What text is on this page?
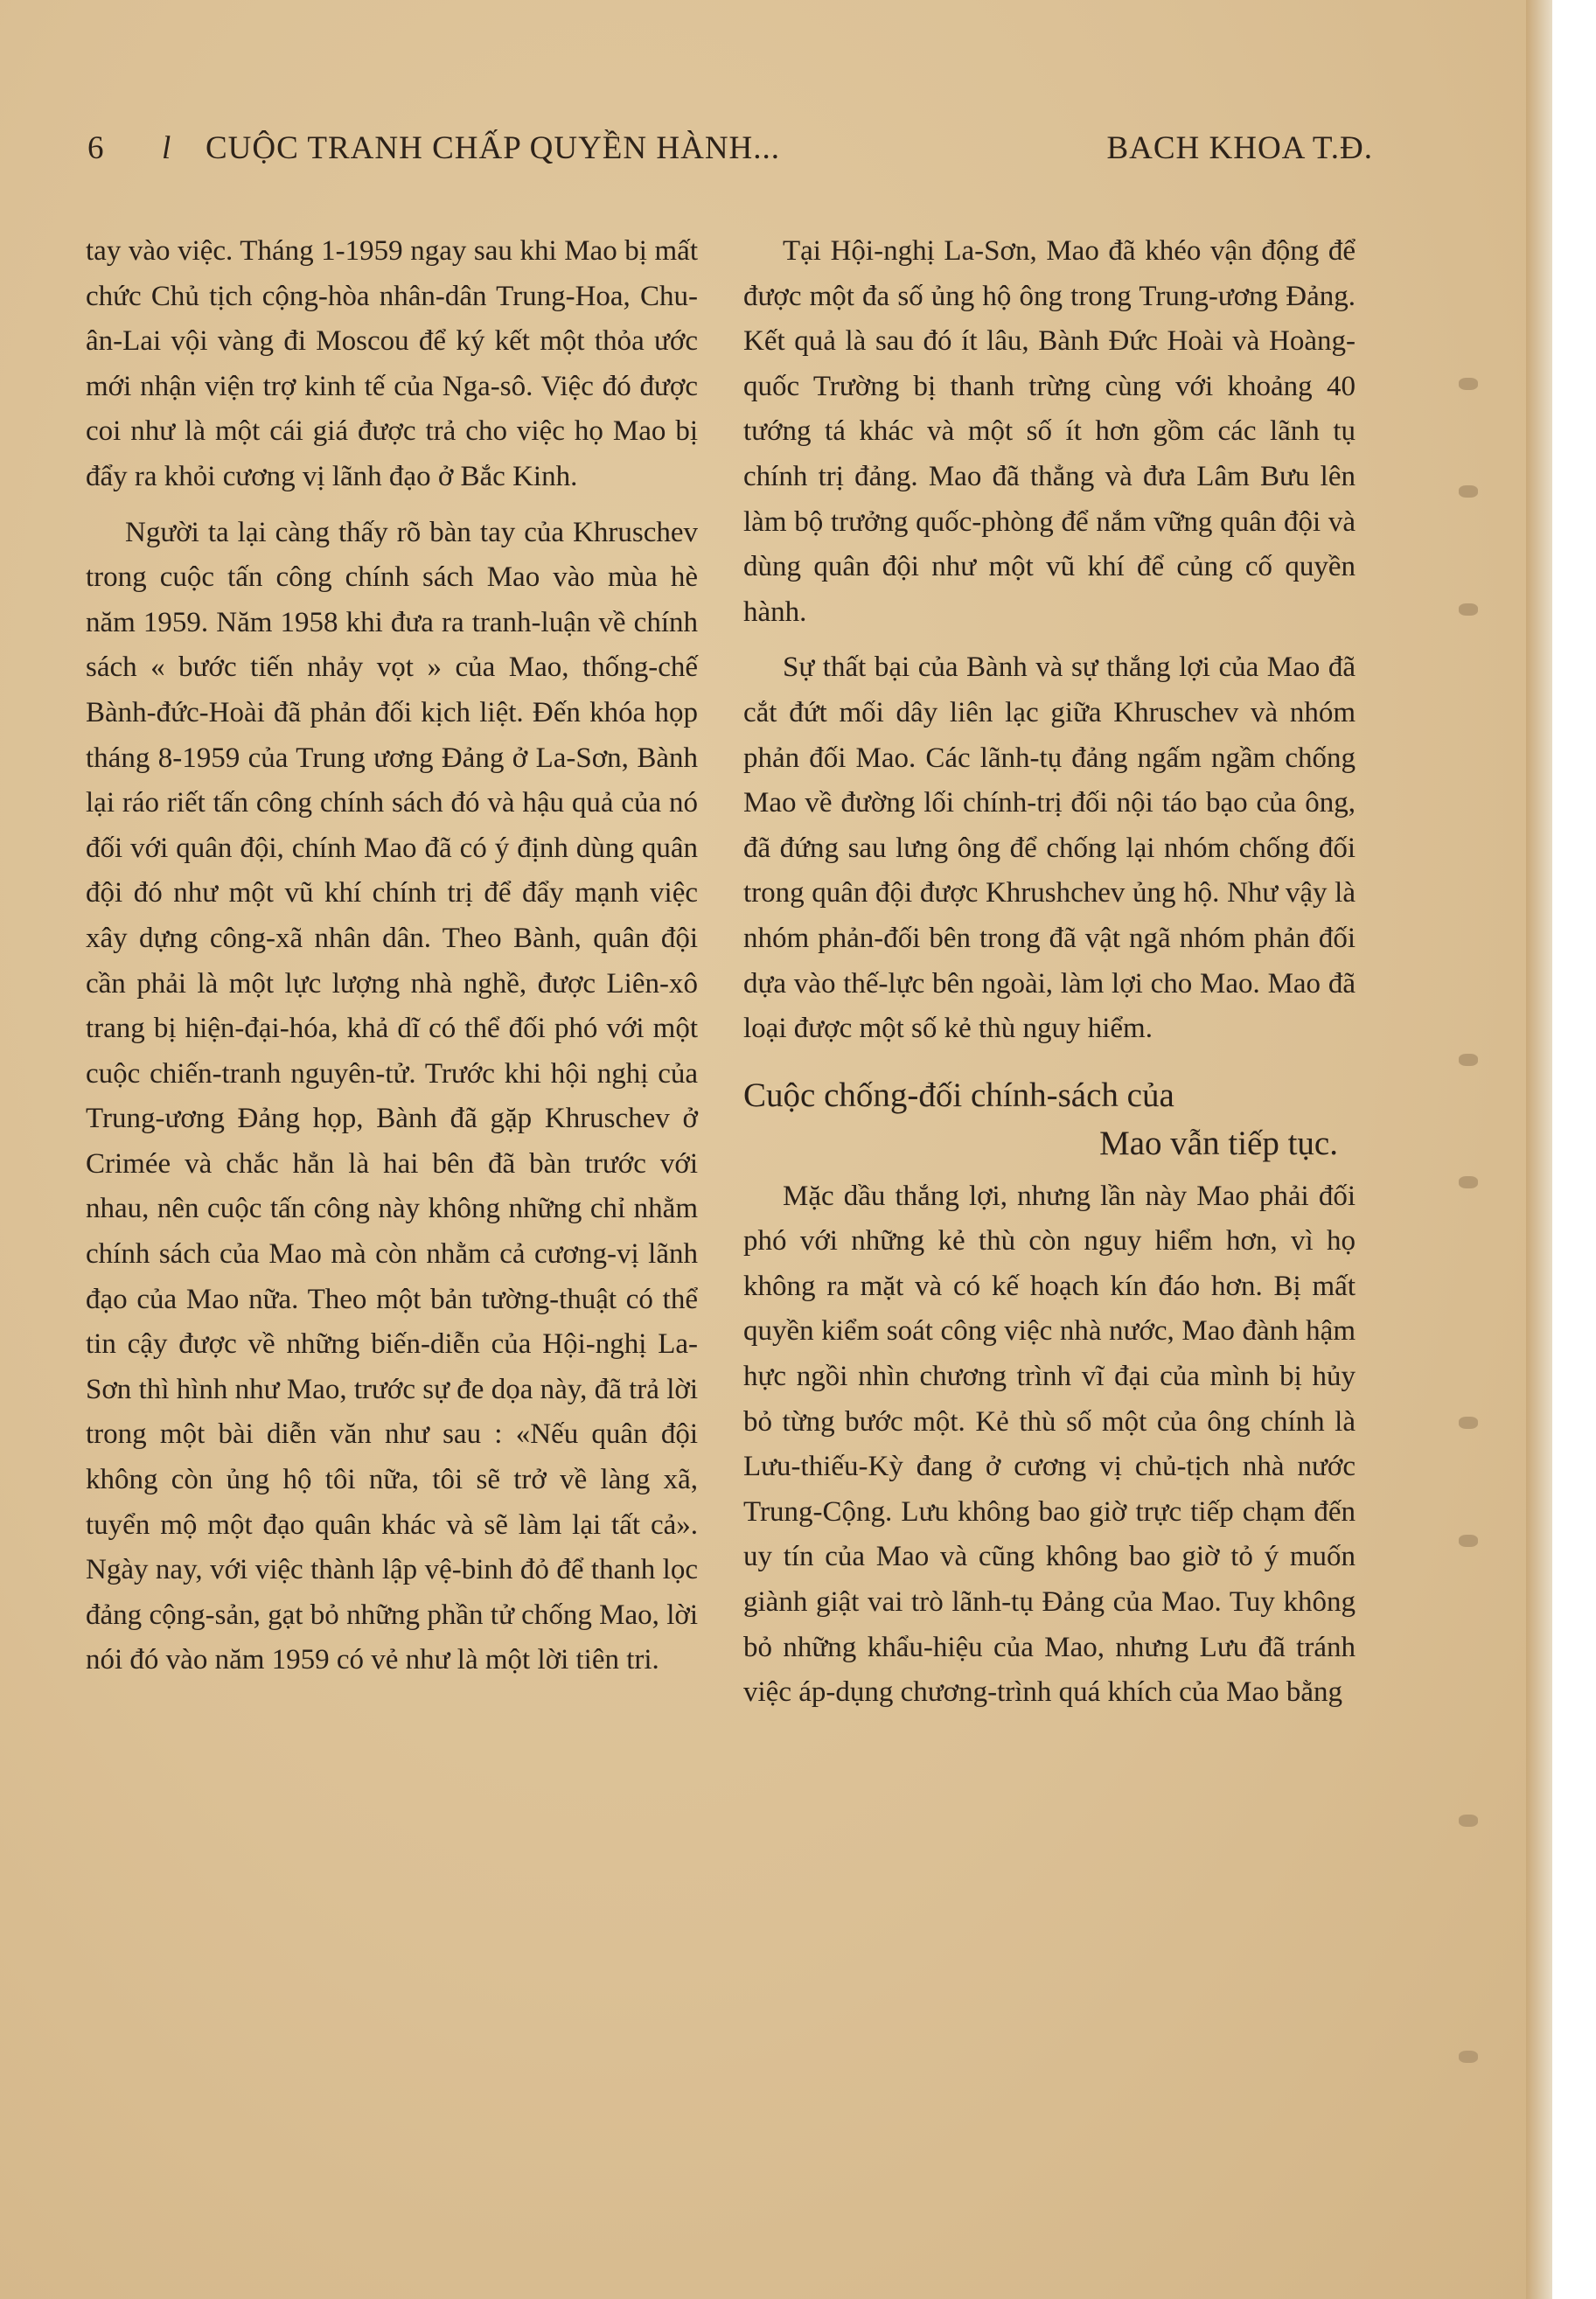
6 l CUỘC TRANH CHẤP QUYỀN HÀNH...	BACH KHOA T.Đ.

tay vào việc. Tháng 1-1959 ngay sau khi Mao bị mất chức Chủ tịch cộng-hòa nhân-dân Trung-Hoa, Chu-ân-Lai vội vàng đi Moscou để ký kết một thỏa ước mới nhận viện trợ kinh tế của Nga-sô. Việc đó được coi như là một cái giá được trả cho việc họ Mao bị đẩy ra khỏi cương vị lãnh đạo ở Bắc Kinh.

Người ta lại càng thấy rõ bàn tay của Khruschev trong cuộc tấn công chính sách Mao vào mùa hè năm 1959. Năm 1958 khi đưa ra tranh-luận về chính sách « bước tiến nhảy vọt » của Mao, thống-chế Bành-đức-Hoài đã phản đối kịch liệt. Đến khóa họp tháng 8-1959 của Trung ương Đảng ở La-Sơn, Bành lại ráo riết tấn công chính sách đó và hậu quả của nó đối với quân đội, chính Mao đã có ý định dùng quân đội đó như một vũ khí chính trị để đẩy mạnh việc xây dựng công-xã nhân dân. Theo Bành, quân đội cần phải là một lực lượng nhà nghề, được Liên-xô trang bị hiện-đại-hóa, khả dĩ có thể đối phó với một cuộc chiến-tranh nguyên-tử. Trước khi hội nghị của Trung-ương Đảng họp, Bành đã gặp Khruschev ở Crimée và chắc hẳn là hai bên đã bàn trước với nhau, nên cuộc tấn công này không những chỉ nhằm chính sách của Mao mà còn nhằm cả cương-vị lãnh đạo của Mao nữa. Theo một bản tường-thuật có thể tin cậy được về những biến-diễn của Hội-nghị La-Sơn thì hình như Mao, trước sự đe dọa này, đã trả lời trong một bài diễn văn như sau : «Nếu quân đội không còn ủng hộ tôi nữa, tôi sẽ trở về làng xã, tuyển mộ một đạo quân khác và sẽ làm lại tất cả». Ngày nay, với việc thành lập vệ-binh đỏ để thanh lọc đảng cộng-sản, gạt bỏ những phần tử chống Mao, lời nói đó vào năm 1959 có vẻ như là một lời tiên tri.

Tại Hội-nghị La-Sơn, Mao đã khéo vận động để được một đa số ủng hộ ông trong Trung-ương Đảng. Kết quả là sau đó ít lâu, Bành Đức Hoài và Hoàng-quốc Trường bị thanh trừng cùng với khoảng 40 tướng tá khác và một số ít hơn gồm các lãnh tụ chính trị đảng. Mao đã thẳng và đưa Lâm Bưu lên làm bộ trưởng quốc-phòng để nắm vững quân đội và dùng quân đội như một vũ khí để củng cố quyền hành.

Sự thất bại của Bành và sự thắng lợi của Mao đã cắt đứt mối dây liên lạc giữa Khruschev và nhóm phản đối Mao. Các lãnh-tụ đảng ngấm ngầm chống Mao về đường lối chính-trị đối nội táo bạo của ông, đã đứng sau lưng ông để chống lại nhóm chống đối trong quân đội được Khrushchev ủng hộ. Như vậy là nhóm phản-đối bên trong đã vật ngã nhóm phản đối dựa vào thế-lực bên ngoài, làm lợi cho Mao. Mao đã loại được một số kẻ thù nguy hiểm.

Cuộc chống-đối chính-sách của
Mao vẫn tiếp tục.

Mặc dầu thắng lợi, nhưng lần này Mao phải đối phó với những kẻ thù còn nguy hiểm hơn, vì họ không ra mặt và có kế hoạch kín đáo hơn. Bị mất quyền kiểm soát công việc nhà nước, Mao đành hậm hực ngồi nhìn chương trình vĩ đại của mình bị hủy bỏ từng bước một. Kẻ thù số một của ông chính là Lưu-thiếu-Kỳ đang ở cương vị chủ-tịch nhà nước Trung-Cộng. Lưu không bao giờ trực tiếp chạm đến uy tín của Mao và cũng không bao giờ tỏ ý muốn giành giật vai trò lãnh-tụ Đảng của Mao. Tuy không bỏ những khẩu-hiệu của Mao, nhưng Lưu đã tránh việc áp-dụng chương-trình quá khích của Mao bằng
